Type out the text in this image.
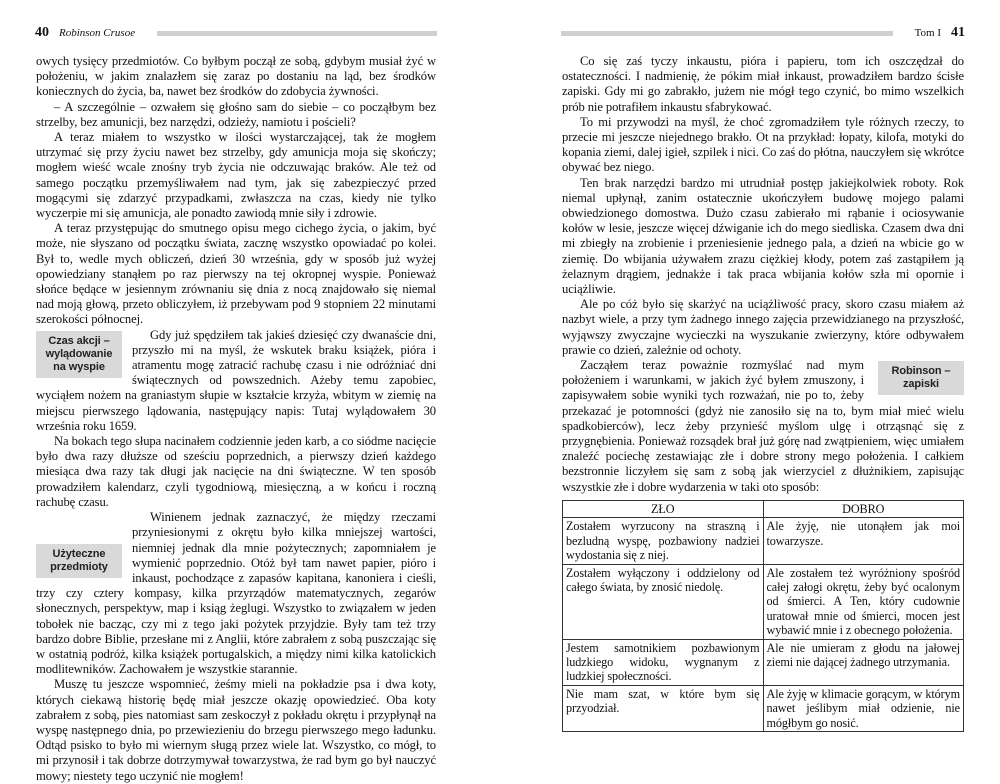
40 Robinson Crusoe

owych tysięcy przedmiotów. Co byłbym począł ze sobą, gdybym musiał żyć w położeniu, w jakim znalazłem się zaraz po dostaniu na ląd, bez środków koniecznych do życia, ba, nawet bez środków do zdobycia żywności.

– A szczególnie – ozwałem się głośno sam do siebie – co począłbym bez strzelby, bez amunicji, bez narzędzi, odzieży, namiotu i pościeli?

A teraz miałem to wszystko w ilości wystarczającej, tak że mogłem utrzymać się przy życiu nawet bez strzelby, gdy amunicja moja się skończy; mogłem wieść wcale znośny tryb życia nie odczuwając braków. Ale też od samego początku przemyśliwałem nad tym, jak się zabezpieczyć przed mogącymi się zdarzyć przypadkami, zwłaszcza na czas, kiedy nie tylko wyczerpie mi się amunicja, ale ponadto zawiodą mnie siły i zdrowie.

A teraz przystępując do smutnego opisu mego cichego życia, o jakim, być może, nie słyszano od początku świata, zacznę wszystko opowiadać po kolei. Był to, wedle mych obliczeń, dzień 30 września, gdy w sposób już wyżej opowiedziany stanąłem po raz pierwszy na tej okropnej wyspie. Ponieważ słońce będące w jesiennym zrównaniu się dnia z nocą znajdowało się niemal nad moją głową, przeto obliczyłem, iż przebywam pod 9 stopniem 22 minutami szerokości północnej.

Czas akcji – wylądowanie na wyspie

Gdy już spędziłem tak jakieś dziesięć czy dwanaście dni, przyszło mi na myśl, że wskutek braku książek, pióra i atramentu mogę zatracić rachubę czasu i nie odróżniać dni świątecznych od powszednich. Ażeby temu zapobiec, wyciąłem nożem na graniastym słupie w kształcie krzyża, wbitym w ziemię na miejscu pierwszego lądowania, następujący napis: Tutaj wylądowałem 30 września roku 1659.

Na bokach tego słupa nacinałem codziennie jeden karb, a co siódme nacięcie było dwa razy dłuższe od sześciu poprzednich, a pierwszy dzień każdego miesiąca dwa razy tak długi jak nacięcie na dni świąteczne. W ten sposób prowadziłem kalendarz, czyli tygodniową, miesięczną, a w końcu i roczną rachubę czasu.

Użyteczne przedmioty

Winienem jednak zaznaczyć, że między rzeczami przyniesionymi z okrętu było kilka mniejszej wartości, niemniej jednak dla mnie pożytecznych; zapomniałem je wymienić poprzednio. Otóż był tam nawet papier, pióro i inkaust, pochodzące z zapasów kapitana, kanoniera i cieśli, trzy czy cztery kompasy, kilka przyrządów matematycznych, zegarów słonecznych, perspektyw, map i ksiąg żeglugi. Wszystko to związałem w jeden tobołek nie bacząc, czy mi z tego jaki pożytek przyjdzie. Były tam też trzy bardzo dobre Biblie, przesłane mi z Anglii, które zabrałem z sobą puszczając się w ostatnią podróż, kilka książek portugalskich, a między nimi kilka katolickich modlitewników. Zachowałem je wszystkie starannie.

Muszę tu jeszcze wspomnieć, żeśmy mieli na pokładzie psa i dwa koty, których ciekawą historię będę miał jeszcze okazję opowiedzieć. Oba koty zabrałem z sobą, pies natomiast sam zeskoczył z pokładu okrętu i przypłynął na wyspę następnego dnia, po przewiezieniu do brzegu pierwszego mego ładunku. Odtąd psisko to było mi wiernym sługą przez wiele lat. Wszystko, co mógł, to mi przynosił i tak dobrze dotrzymywał towarzystwa, że rad bym go był nauczyć mowy; niestety tego uczynić nie mogłem!

Tom I 41

Co się zaś tyczy inkaustu, pióra i papieru, tom ich oszczędzał do ostateczności. I nadmienię, że pókim miał inkaust, prowadziłem bardzo ścisłe zapiski. Gdy mi go zabrakło, jużem nie mógł tego czynić, bo mimo wszelkich prób nie potrafiłem inkaustu sfabrykować.

To mi przywodzi na myśl, że choć zgromadziłem tyle różnych rzeczy, to przecie mi jeszcze niejednego brakło. Ot na przykład: łopaty, kilofa, motyki do kopania ziemi, dalej igieł, szpilek i nici. Co zaś do płótna, nauczyłem się wkrótce obywać bez niego.

Ten brak narzędzi bardzo mi utrudniał postęp jakiejkolwiek roboty. Rok niemal upłynął, zanim ostatecznie ukończyłem budowę mojego palami obwiedzionego domostwa. Dużo czasu zabierało mi rąbanie i ociosywanie kołów w lesie, jeszcze więcej dźwiganie ich do mego siedliska. Czasem dwa dni mi zbiegły na zrobienie i przeniesienie jednego pala, a dzień na wbicie go w ziemię. Do wbijania używałem zrazu ciężkiej kłody, potem zaś zastąpiłem ją żelaznym drągiem, jednakże i tak praca wbijania kołów szła mi opornie i uciążliwie.

Ale po cóż było się skarżyć na uciążliwość pracy, skoro czasu miałem aż nazbyt wiele, a przy tym żadnego innego zajęcia przewidzianego na przyszłość, wyjąwszy zwyczajne wycieczki na wyszukanie zwierzyny, które odbywałem prawie co dzień, zależnie od ochoty.

Robinson – zapiski

Zacząłem teraz poważnie rozmyślać nad mym położeniem i warunkami, w jakich żyć byłem zmuszony, i zapisywałem sobie wyniki tych rozważań, nie po to, żeby przekazać je potomności (gdyż nie zanosiło się na to, bym miał mieć wielu spadkobierców), lecz żeby przynieść myślom ulgę i otrząsnąć się z przygnębienia. Ponieważ rozsądek brał już górę nad zwątpieniem, więc umiałem znaleźć pociechę zestawiając złe i dobre strony mego położenia. I całkiem bezstronnie liczyłem się sam z sobą jak wierzyciel z dłużnikiem, zapisując wszystkie złe i dobre wydarzenia w taki oto sposób:

ZŁO	DOBRO
Zostałem wyrzucony na straszną i bezludną wyspę, pozbawiony nadziei wydostania się z niej.	Ale żyję, nie utonąłem jak moi towarzysze.
Zostałem wyłączony i oddzielony od całego świata, by znosić niedolę.	Ale zostałem też wyróżniony spośród całej załogi okrętu, żeby być ocalonym od śmierci. A Ten, który cudownie uratował mnie od śmierci, mocen jest wybawić mnie i z obecnego położenia.
Jestem samotnikiem pozbawionym ludzkiego widoku, wygnanym z ludzkiej społeczności.	Ale nie umieram z głodu na jałowej ziemi nie dającej żadnego utrzymania.
Nie mam szat, w które bym się przyodział.	Ale żyję w klimacie gorącym, w którym nawet jeślibym miał odzienie, nie mógłbym go nosić.
